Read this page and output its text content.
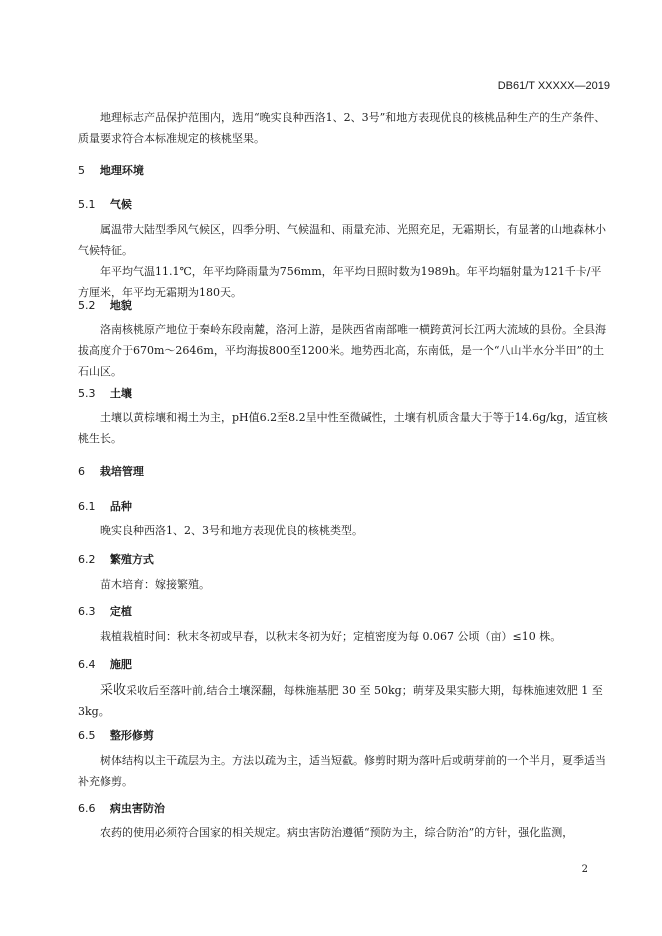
DB61/T XXXXX—2019
地理标志产品保护范围内，选用“晚实良种西洛1、2、3号”和地方表现优良的核桃品种生产的生产条件、质量要求符合本标准规定的核桃坚果。
5 地理环境
5.1 气候
属温带大陆型季风气候区，四季分明、气候温和、雨量充沛、光照充足，无霜期长，有显著的山地森林小气候特征。
年平均气温11.1℃，年平均降雨量为756mm，年平均日照时数为1989h。年平均辐射量为121千卡/平方厘米，年平均无霜期为180天。
5.2 地貌
洛南核桃原产地位于秦岭东段南麓，洛河上游，是陕西省南部唯一横跨黄河长江两大流域的县份。全县海拔高度介于670m～2646m，平均海拔800至1200米。地势西北高，东南低，是一个“八山半水分半田”的土石山区。
5.3 土壤
土壤以黄棕壤和褐土为主，pH值6.2至8.2呈中性至微碱性，土壤有机质含量大于等于14.6g/kg，适宜核桃生长。
6 栽培管理
6.1 品种
晚实良种西洛1、2、3号和地方表现优良的核桃类型。
6.2 繁殖方式
苗木培育：嫁接繁殖。
6.3 定植
栽植栽植时间：秋末冬初或早春，以秋末冬初为好；定植密度为每 0.067 公顷（亩）≤10 株。
6.4 施肥
采收采收后至落叶前,结合土壤深翻，每株施基肥 30 至 50kg；萌芽及果实膨大期，每株施速效肥 1 至 3kg。
6.5 整形修剪
树体结构以主干疏层为主。方法以疏为主，适当短截。修剪时期为落叶后或萌芽前的一个半月，夏季适当补充修剪。
6.6 病虫害防治
农药的使用必须符合国家的相关规定。病虫害防治遵循“预防为主，综合防治”的方针，强化监测，
2
